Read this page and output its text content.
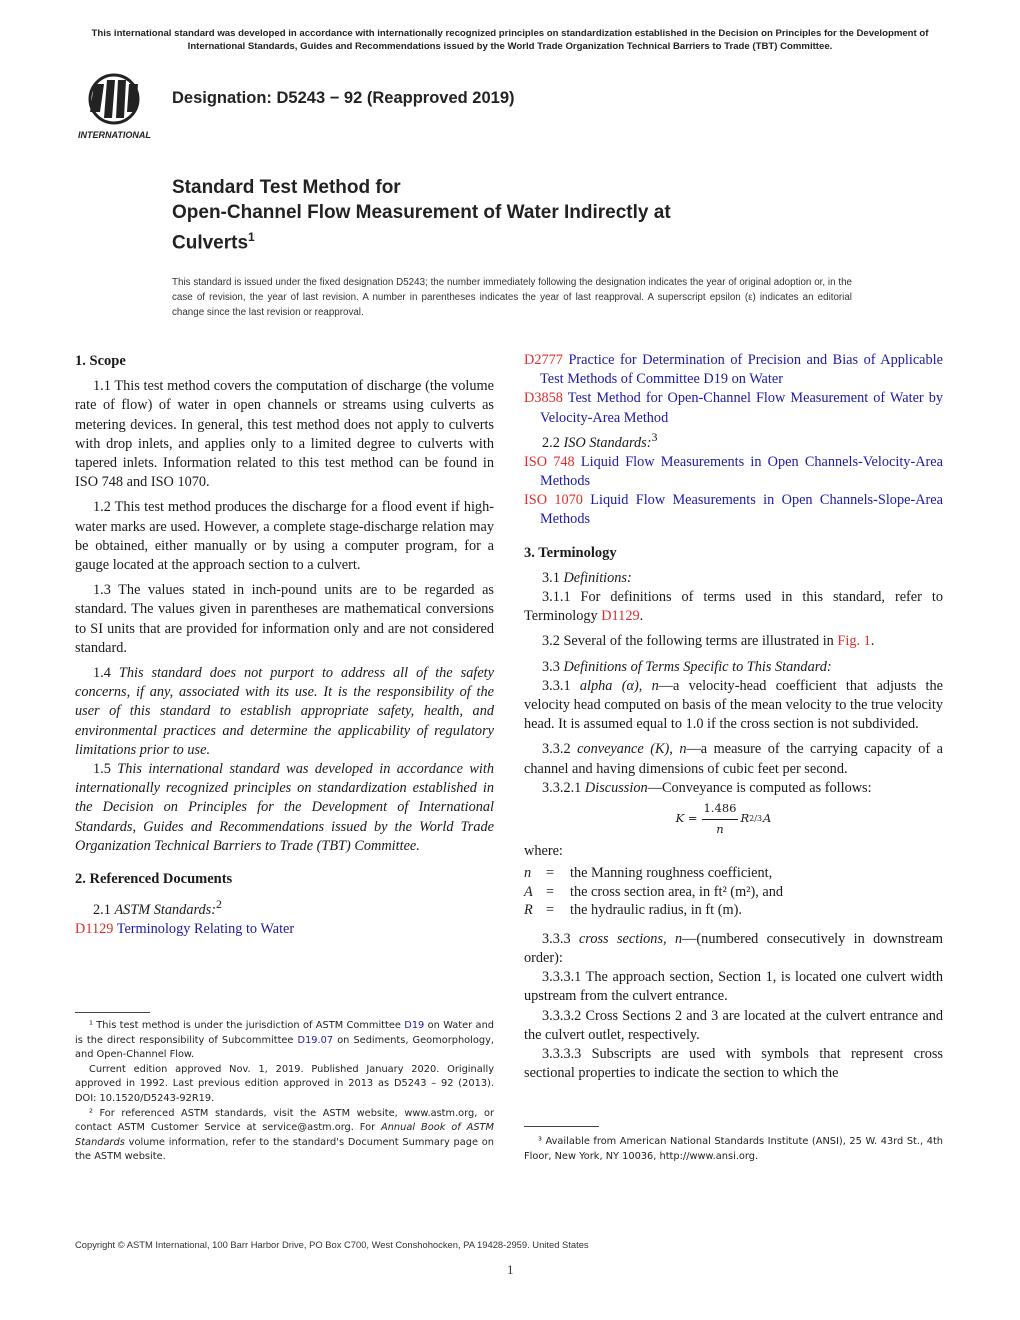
This international standard was developed in accordance with internationally recognized principles on standardization established in the Decision on Principles for the Development of International Standards, Guides and Recommendations issued by the World Trade Organization Technical Barriers to Trade (TBT) Committee.
INTERNATIONAL
Designation: D5243 − 92 (Reapproved 2019)
Standard Test Method for
Open-Channel Flow Measurement of Water Indirectly at
Culverts$^1$
This standard is issued under the fixed designation D5243; the number immediately following the designation indicates the year of original adoption or, in the case of revision, the year of last revision. A number in parentheses indicates the year of last reapproval. A superscript epsilon (ε) indicates an editorial change since the last revision or reapproval.
1. Scope

1.1 This test method covers the computation of discharge (the volume rate of flow) of water in open channels or streams using culverts as metering devices. In general, this test method does not apply to culverts with drop inlets, and applies only to a limited degree to culverts with tapered inlets. Information related to this test method can be found in ISO 748 and ISO 1070.

1.2 This test method produces the discharge for a flood event if high-water marks are used. However, a complete stage-discharge relation may be obtained, either manually or by using a computer program, for a gauge located at the approach section to a culvert.

1.3 The values stated in inch-pound units are to be regarded as standard. The values given in parentheses are mathematical conversions to SI units that are provided for information only and are not considered standard.

1.4 This standard does not purport to address all of the safety concerns, if any, associated with its use. It is the responsibility of the user of this standard to establish appropriate safety, health, and environmental practices and determine the applicability of regulatory limitations prior to use.

1.5 This international standard was developed in accordance with internationally recognized principles on standardization established in the Decision on Principles for the Development of International Standards, Guides and Recommendations issued by the World Trade Organization Technical Barriers to Trade (TBT) Committee.

2. Referenced Documents

2.1 ASTM Standards:$^2$

D1129 Terminology Relating to Water

¹ This test method is under the jurisdiction of ASTM Committee D19 on Water and is the direct responsibility of Subcommittee D19.07 on Sediments, Geomorphology, and Open-Channel Flow.

Current edition approved Nov. 1, 2019. Published January 2020. Originally approved in 1992. Last previous edition approved in 2013 as D5243 – 92 (2013). DOI: 10.1520/D5243-92R19.

² For referenced ASTM standards, visit the ASTM website, www.astm.org, or contact ASTM Customer Service at service@astm.org. For Annual Book of ASTM Standards volume information, refer to the standard's Document Summary page on the ASTM website.

D2777 Practice for Determination of Precision and Bias of Applicable Test Methods of Committee D19 on Water

D3858 Test Method for Open-Channel Flow Measurement of Water by Velocity-Area Method

2.2 ISO Standards:$^3$

ISO 748 Liquid Flow Measurements in Open Channels-Velocity-Area Methods

ISO 1070 Liquid Flow Measurements in Open Channels-Slope-Area Methods

3. Terminology

3.1 Definitions:

3.1.1 For definitions of terms used in this standard, refer to Terminology D1129.

3.2 Several of the following terms are illustrated in Fig. 1.

3.3 Definitions of Terms Specific to This Standard:

3.3.1 alpha (α), n—a velocity-head coefficient that adjusts the velocity head computed on basis of the mean velocity to the true velocity head. It is assumed equal to 1.0 if the cross section is not subdivided.

3.3.2 conveyance (K), n—a measure of the carrying capacity of a channel and having dimensions of cubic feet per second.

3.3.2.1 Discussion—Conveyance is computed as follows:

$K = \frac{1.486}{n}$ R 2/3 A

where:

n	=	the Manning roughness coefficient,
A =	the cross section area, in ft² (m²), and
R =	the hydraulic radius, in ft (m).

3.3.3 cross sections, n—(numbered consecutively in downstream order):

3.3.3.1 The approach section, Section 1, is located one culvert width upstream from the culvert entrance.

3.3.3.2 Cross Sections 2 and 3 are located at the culvert entrance and the culvert outlet, respectively.

3.3.3.3 Subscripts are used with symbols that represent cross sectional properties to indicate the section to which the

³ Available from American National Standards Institute (ANSI), 25 W. 43rd St., 4th Floor, New York, NY 10036, http://www.ansi.org.

Copyright © ASTM International, 100 Barr Harbor Drive, PO Box C700, West Conshohocken, PA 19428-2959. United States
1
